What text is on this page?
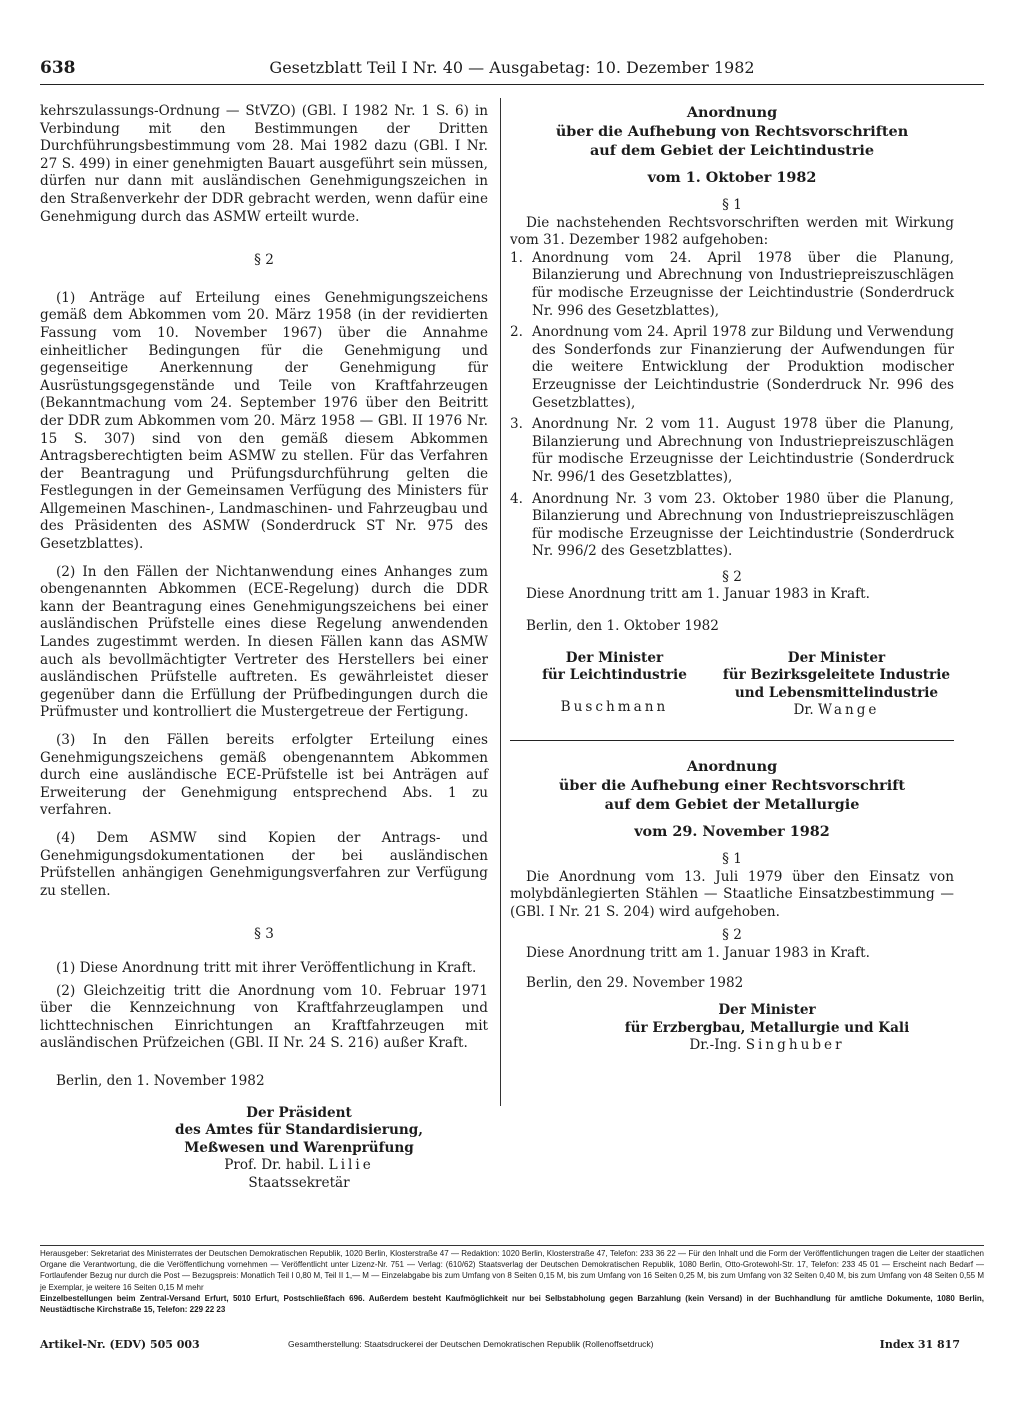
638	Gesetzblatt Teil I Nr. 40 — Ausgabetag: 10. Dezember 1982

kehrszulassungs-Ordnung — StVZO) (GBl. I 1982 Nr. 1 S. 6) in Verbindung mit den Bestimmungen der Dritten Durchführungsbestimmung vom 28. Mai 1982 dazu (GBl. I Nr. 27 S. 499) in einer genehmigten Bauart ausgeführt sein müssen, dürfen nur dann mit ausländischen Genehmigungszeichen in den Straßenverkehr der DDR gebracht werden, wenn dafür eine Genehmigung durch das ASMW erteilt wurde.

§ 2

(1) Anträge auf Erteilung eines Genehmigungszeichens gemäß dem Abkommen vom 20. März 1958 (in der revidierten Fassung vom 10. November 1967) über die Annahme einheitlicher Bedingungen für die Genehmigung und gegenseitige Anerkennung der Genehmigung für Ausrüstungsgegenstände und Teile von Kraftfahrzeugen (Bekanntmachung vom 24. September 1976 über den Beitritt der DDR zum Abkommen vom 20. März 1958 — GBl. II 1976 Nr. 15 S. 307) sind von den gemäß diesem Abkommen Antragsberechtigten beim ASMW zu stellen. Für das Verfahren der Beantragung und Prüfungsdurchführung gelten die Festlegungen in der Gemeinsamen Verfügung des Ministers für Allgemeinen Maschinen-, Landmaschinen- und Fahrzeugbau und des Präsidenten des ASMW (Sonderdruck ST Nr. 975 des Gesetzblattes).

(2) In den Fällen der Nichtanwendung eines Anhanges zum obengenannten Abkommen (ECE-Regelung) durch die DDR kann der Beantragung eines Genehmigungszeichens bei einer ausländischen Prüfstelle eines diese Regelung anwendenden Landes zugestimmt werden. In diesen Fällen kann das ASMW auch als bevollmächtigter Vertreter des Herstellers bei einer ausländischen Prüfstelle auftreten. Es gewährleistet dieser gegenüber dann die Erfüllung der Prüfbedingungen durch die Prüfmuster und kontrolliert die Mustergetreue der Fertigung.

(3) In den Fällen bereits erfolgter Erteilung eines Genehmigungszeichens gemäß obengenanntem Abkommen durch eine ausländische ECE-Prüfstelle ist bei Anträgen auf Erweiterung der Genehmigung entsprechend Abs. 1 zu verfahren.

(4) Dem ASMW sind Kopien der Antrags- und Genehmigungsdokumentationen der bei ausländischen Prüfstellen anhängigen Genehmigungsverfahren zur Verfügung zu stellen.

§ 3

(1) Diese Anordnung tritt mit ihrer Veröffentlichung in Kraft.

(2) Gleichzeitig tritt die Anordnung vom 10. Februar 1971 über die Kennzeichnung von Kraftfahrzeuglampen und lichttechnischen Einrichtungen an Kraftfahrzeugen mit ausländischen Prüfzeichen (GBl. II Nr. 24 S. 216) außer Kraft.

Berlin, den 1. November 1982

Der Präsident

des Amtes für Standardisierung,

Meßwesen und Warenprüfung

Prof. Dr. habil. Lilie

Staatssekretär

Anordnung

über die Aufhebung von Rechtsvorschriften

auf dem Gebiet der Leichtindustrie

vom 1. Oktober 1982

§ 1

Die nachstehenden Rechtsvorschriften werden mit Wirkung vom 31. Dezember 1982 aufgehoben:

1. Anordnung vom 24. April 1978 über die Planung, Bilanzierung und Abrechnung von Industriepreiszuschlägen für modische Erzeugnisse der Leichtindustrie (Sonderdruck Nr. 996 des Gesetzblattes),
2. Anordnung vom 24. April 1978 zur Bildung und Verwendung des Sonderfonds zur Finanzierung der Aufwendungen für die weitere Entwicklung der Produktion modischer Erzeugnisse der Leichtindustrie (Sonderdruck Nr. 996 des Gesetzblattes),
3. Anordnung Nr. 2 vom 11. August 1978 über die Planung, Bilanzierung und Abrechnung von Industriepreiszuschlägen für modische Erzeugnisse der Leichtindustrie (Sonderdruck Nr. 996/1 des Gesetzblattes),
4. Anordnung Nr. 3 vom 23. Oktober 1980 über die Planung, Bilanzierung und Abrechnung von Industriepreiszuschlägen für modische Erzeugnisse der Leichtindustrie (Sonderdruck Nr. 996/2 des Gesetzblattes).

§ 2

Diese Anordnung tritt am 1. Januar 1983 in Kraft.

Berlin, den 1. Oktober 1982

Der Minister

für Leichtindustrie

Buschmann

Der Minister

für Bezirksgeleitete Industrie

und Lebensmittelindustrie

Dr. Wange

Anordnung

über die Aufhebung einer Rechtsvorschrift

auf dem Gebiet der Metallurgie

vom 29. November 1982

§ 1

Die Anordnung vom 13. Juli 1979 über den Einsatz von molybdänlegierten Stählen — Staatliche Einsatzbestimmung — (GBl. I Nr. 21 S. 204) wird aufgehoben.

§ 2

Diese Anordnung tritt am 1. Januar 1983 in Kraft.

Berlin, den 29. November 1982

Der Minister

für Erzbergbau, Metallurgie und Kali

Dr.-Ing. Singhuber

Herausgeber: Sekretariat des Ministerrates der Deutschen Demokratischen Republik, 1020 Berlin, Klosterstraße 47 — Redaktion: 1020 Berlin, Klosterstraße 47, Telefon: 233 36 22 — Für den Inhalt und die Form der Veröffentlichungen tragen die Leiter der staatlichen Organe die Verantwortung, die die Veröffentlichung vornehmen — Veröffentlicht unter Lizenz-Nr. 751 — Verlag: (610/62) Staatsverlag der Deutschen Demokratischen Republik, 1080 Berlin, Otto-Grotewohl-Str. 17, Telefon: 233 45 01 — Erscheint nach Bedarf — Fortlaufender Bezug nur durch die Post — Bezugspreis: Monatlich Teil I 0,80 M, Teil II 1,— M — Einzelabgabe bis zum Umfang von 8 Seiten 0,15 M, bis zum Umfang von 16 Seiten 0,25 M, bis zum Umfang von 32 Seiten 0,40 M, bis zum Umfang von 48 Seiten 0,55 M je Exemplar, je weitere 16 Seiten 0,15 M mehr

Einzelbestellungen beim Zentral-Versand Erfurt, 5010 Erfurt, Postschließfach 696. Außerdem besteht Kaufmöglichkeit nur bei Selbstabholung gegen Barzahlung (kein Versand) in der Buchhandlung für amtliche Dokumente, 1080 Berlin, Neustädtische Kirchstraße 15, Telefon: 229 22 23

Artikel-Nr. (EDV) 505 003	Gesamtherstellung: Staatsdruckerei der Deutschen Demokratischen Republik (Rollenoffsetdruck)	Index 31 817
